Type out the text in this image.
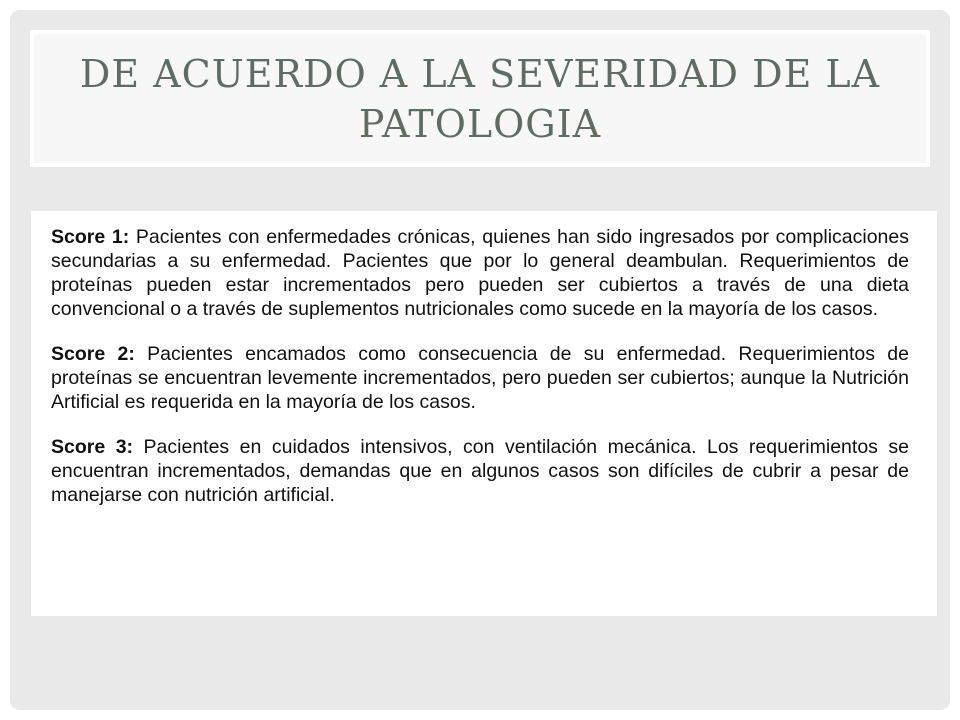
DE ACUERDO A LA SEVERIDAD DE LA PATOLOGIA

Score 1: Pacientes con enfermedades crónicas, quienes han sido ingresados por complicaciones secundarias a su enfermedad. Pacientes que por lo general deambulan. Requerimientos de proteínas pueden estar incrementados pero pueden ser cubiertos a través de una dieta convencional o a través de suplementos nutricionales como sucede en la mayoría de los casos.

Score 2: Pacientes encamados como consecuencia de su enfermedad. Requerimientos de proteínas se encuentran levemente incrementados, pero pueden ser cubiertos; aunque la Nutrición Artificial es requerida en la mayoría de los casos.

Score 3: Pacientes en cuidados intensivos, con ventilación mecánica. Los requerimientos se encuentran incrementados, demandas que en algunos casos son difíciles de cubrir a pesar de manejarse con nutrición artificial.
